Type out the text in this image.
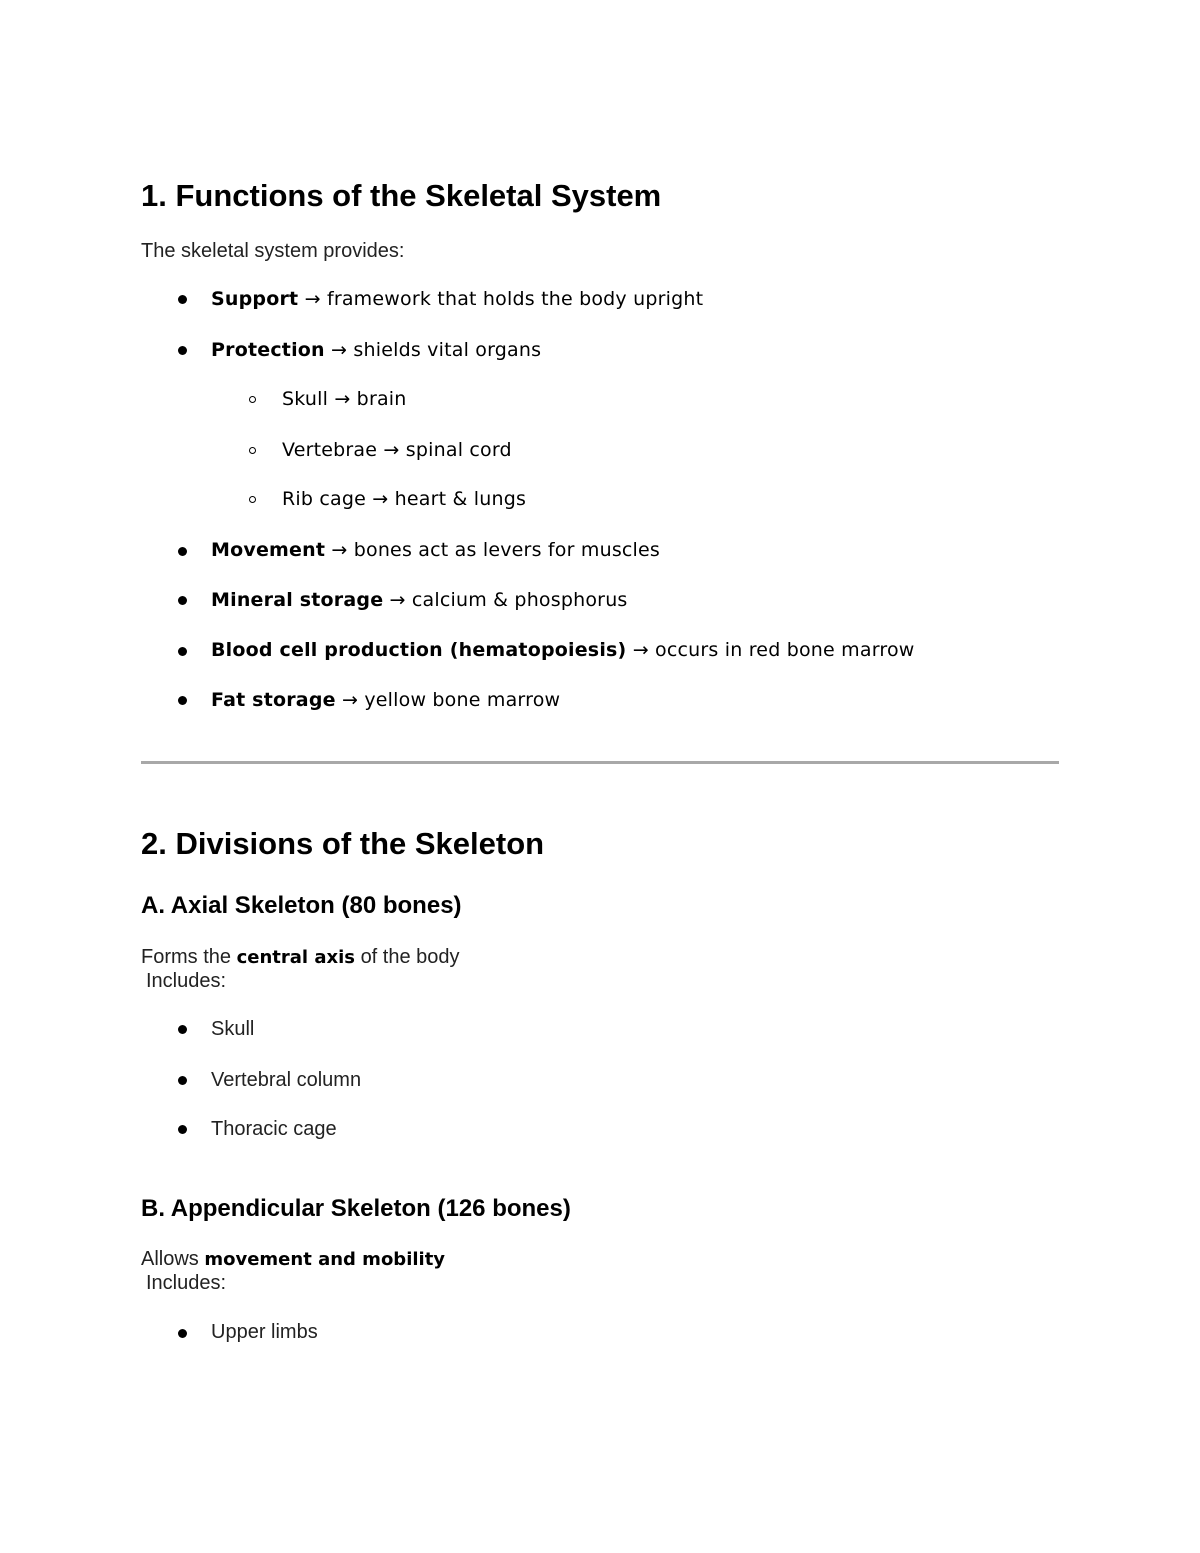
1. Functions of the Skeletal System
The skeletal system provides:
Support → framework that holds the body upright
Protection → shields vital organs
Skull → brain
Vertebrae → spinal cord
Rib cage → heart & lungs
Movement → bones act as levers for muscles
Mineral storage → calcium & phosphorus
Blood cell production (hematopoiesis) → occurs in red bone marrow
Fat storage → yellow bone marrow
2. Divisions of the Skeleton
A. Axial Skeleton (80 bones)
Forms the central axis of the body
Includes:
Skull
Vertebral column
Thoracic cage
B. Appendicular Skeleton (126 bones)
Allows movement and mobility
Includes:
Upper limbs
